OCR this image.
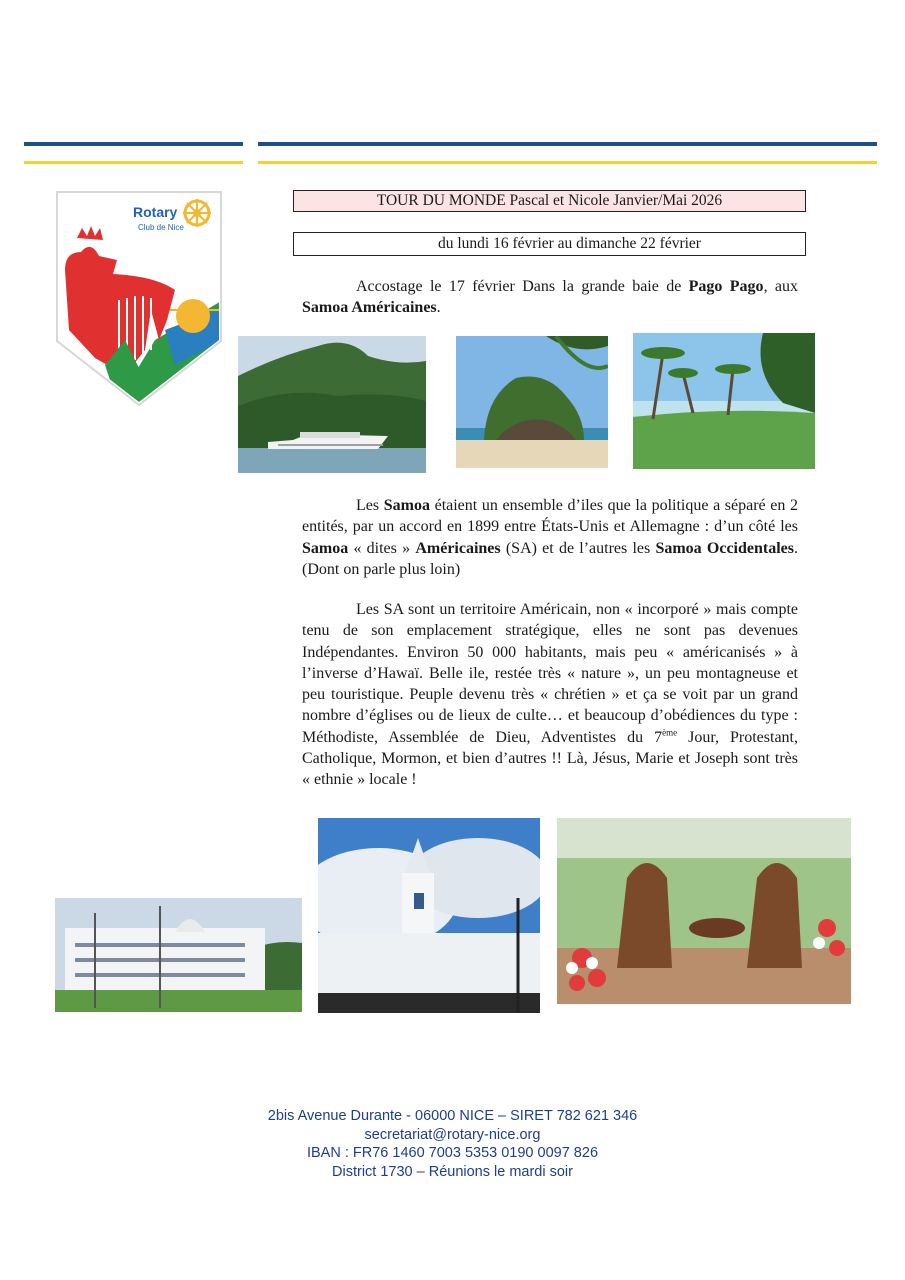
Rotary
Club de Nice
TOUR DU MONDE Pascal et Nicole Janvier/Mai 2026
du lundi 16 février au dimanche 22 février

Accostage le 17 février Dans la grande baie de Pago Pago, aux Samoa Américaines.

Les Samoa étaient un ensemble d’iles que la politique a séparé en 2 entités, par un accord en 1899 entre États-Unis et Allemagne : d’un côté les Samoa « dites » Américaines (SA) et de l’autres les Samoa Occidentales. (Dont on parle plus loin)

Les SA sont un territoire Américain, non « incorporé » mais compte tenu de son emplacement stratégique, elles ne sont pas devenues Indépendantes. Environ 50 000 habitants, mais peu « américanisés » à l’inverse d’Hawaï. Belle ile, restée très « nature », un peu montagneuse et peu touristique. Peuple devenu très « chrétien » et ça se voit par un grand nombre d’églises ou de lieux de culte… et beaucoup d’obédiences du type : Méthodiste, Assemblée de Dieu, Adventistes du 7ème Jour, Protestant, Catholique, Mormon, et bien d’autres !! Là, Jésus, Marie et Joseph sont très « ethnie » locale !

2bis Avenue Durante - 06000 NICE – SIRET 782 621 346
secretariat@rotary-nice.org
IBAN : FR76 1460 7003 5353 0190 0097 826
District 1730 – Réunions le mardi soir
